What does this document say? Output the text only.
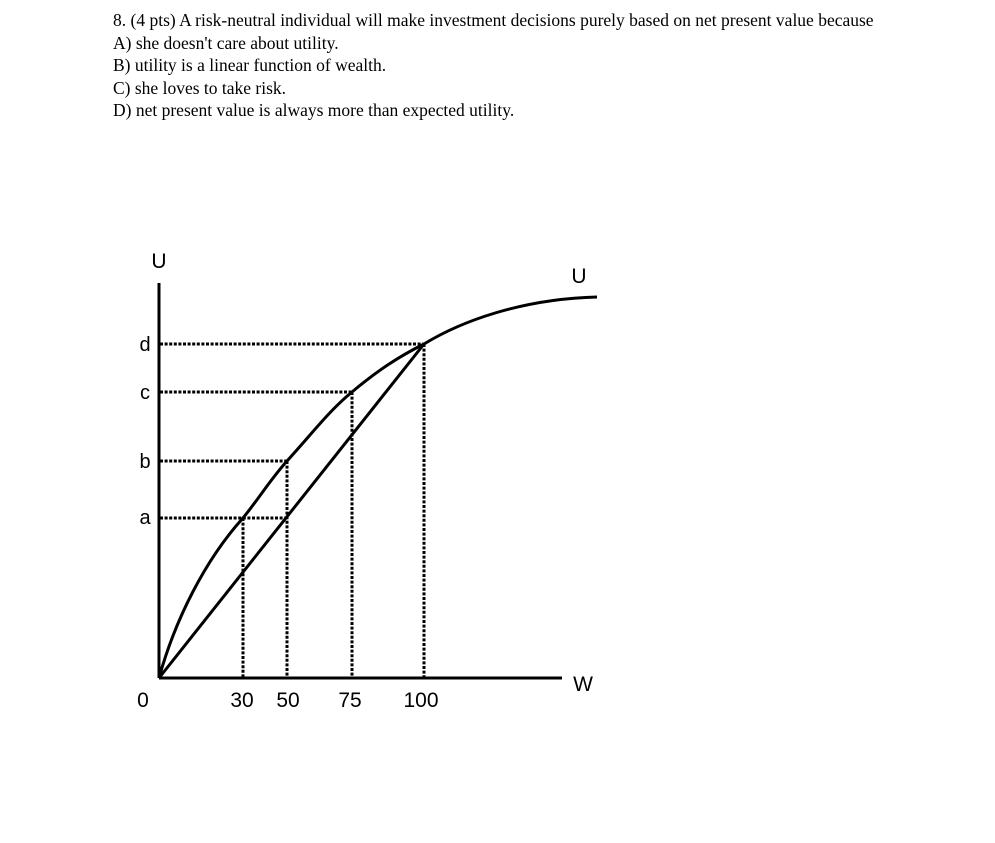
8. (4 pts) A risk-neutral individual will make investment decisions purely based on net present value because

A) she doesn't care about utility.

B) utility is a linear function of wealth.

C) she loves to take risk.

D) net present value is always more than expected utility.

U
U
W
0
d
c
b
a
30 50 75 100
